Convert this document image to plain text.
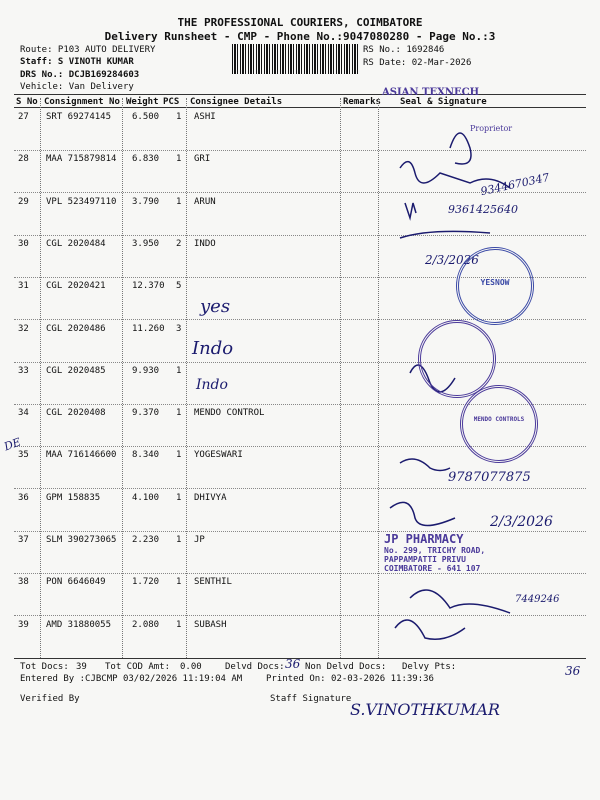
THE PROFESSIONAL COURIERS, COIMBATORE
Delivery Runsheet - CMP - Phone No.:9047080280 - Page No.:3
Route: P103 AUTO DELIVERY
Staff: S VINOTH KUMAR
DRS No.: DCJB169284603
Vehicle: Van Delivery
RS No.: 1692846
RS Date: 02-Mar-2026
S No Consignment No Weight PCS Consignee Details	Remarks Seal & Signature
27 SRT 69274145 6.500 1 ASHI
28 MAA 715879814 6.830 1 GRI
29 VPL 523497110 3.790 1 ARUN
30 CGL 2020484	3.950 2 INDO
31 CGL 2020421	12.370 5
32 CGL 2020486	11.260 3
33 CGL 2020485	9.930 1
34 CGL 2020408	9.370 1 MENDO CONTROL
35 MAA 716146600 8.340 1 YOGESWARI
36 GPM 158835	4.100 1 DHIVYA
37 SLM 390273065 2.230 1 JP
38 PON 6646049	1.720 1 SENTHIL
39 AMD 31880055 2.080 1 SUBASH
yes
Indo
Indo
9344670347
9361425640
2/3/2026
9787077875
2/3/2026
7449246
S.VINOTHKUMAR
DE
YESNOW
MENDO CONTROLS
ASIAN TEXNECH
Proprietor
JP PHARMACY
No. 299, TRICHY ROAD,
PAPPAMPATTI PRIVU
COIMBATORE - 641 107
Tot Docs: 39 Tot COD Amt: 0.00	Delvd Docs: 36 Non Delvd Docs: Delvy Pts:	36
Entered By :CJBCMP 03/02/2026 11:19:04 AM	Printed On: 02-03-2026 11:39:36
Verified By	Staff Signature
